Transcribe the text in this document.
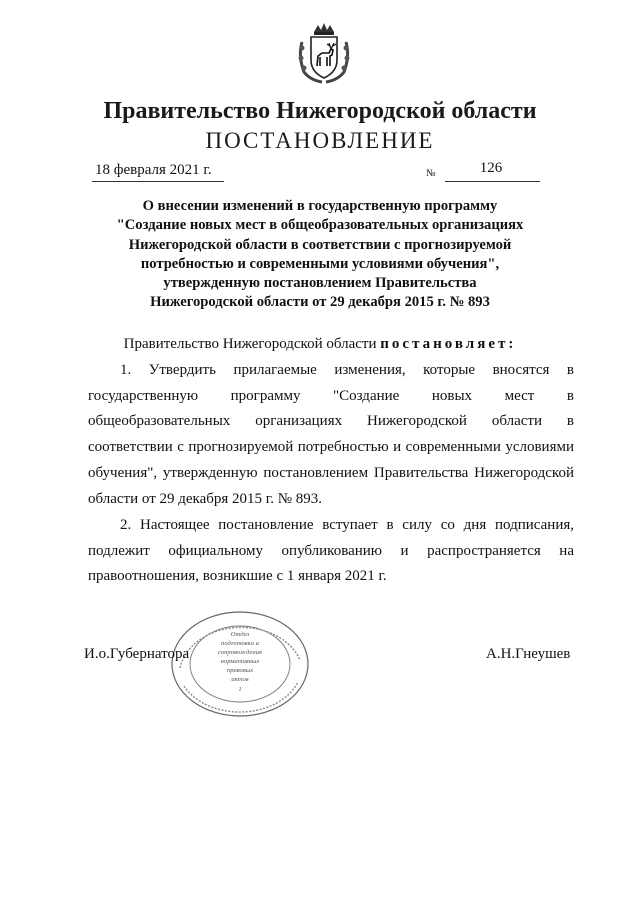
Правительство Нижегородской области
ПОСТАНОВЛЕНИЕ
18 февраля 2021 г.	№	126
О внесении изменений в государственную программу
"Создание новых мест в общеобразовательных организациях
Нижегородской области в соответствии с прогнозируемой
потребностью и современными условиями обучения",
утвержденную постановлением Правительства
Нижегородской области от 29 декабря 2015 г. № 893
Правительство Нижегородской области постановляет:
1. Утвердить прилагаемые изменения, которые вносятся в государственную программу "Создание новых мест в общеобразовательных организациях Нижегородской области в соответствии с прогнозируемой потребностью и современными условиями обучения", утвержденную постановлением Правительства Нижегородской области от 29 декабря 2015 г. № 893.
2. Настоящее постановление вступает в силу со дня подписания, подлежит официальному опубликованию и распространяется на правоотношения, возникшие с 1 января 2021 г.
Отдел
подготовки и
сопровождения
нормативных
правовых
актов
1
И.о.Губернатора	А.Н.Гнеушев
